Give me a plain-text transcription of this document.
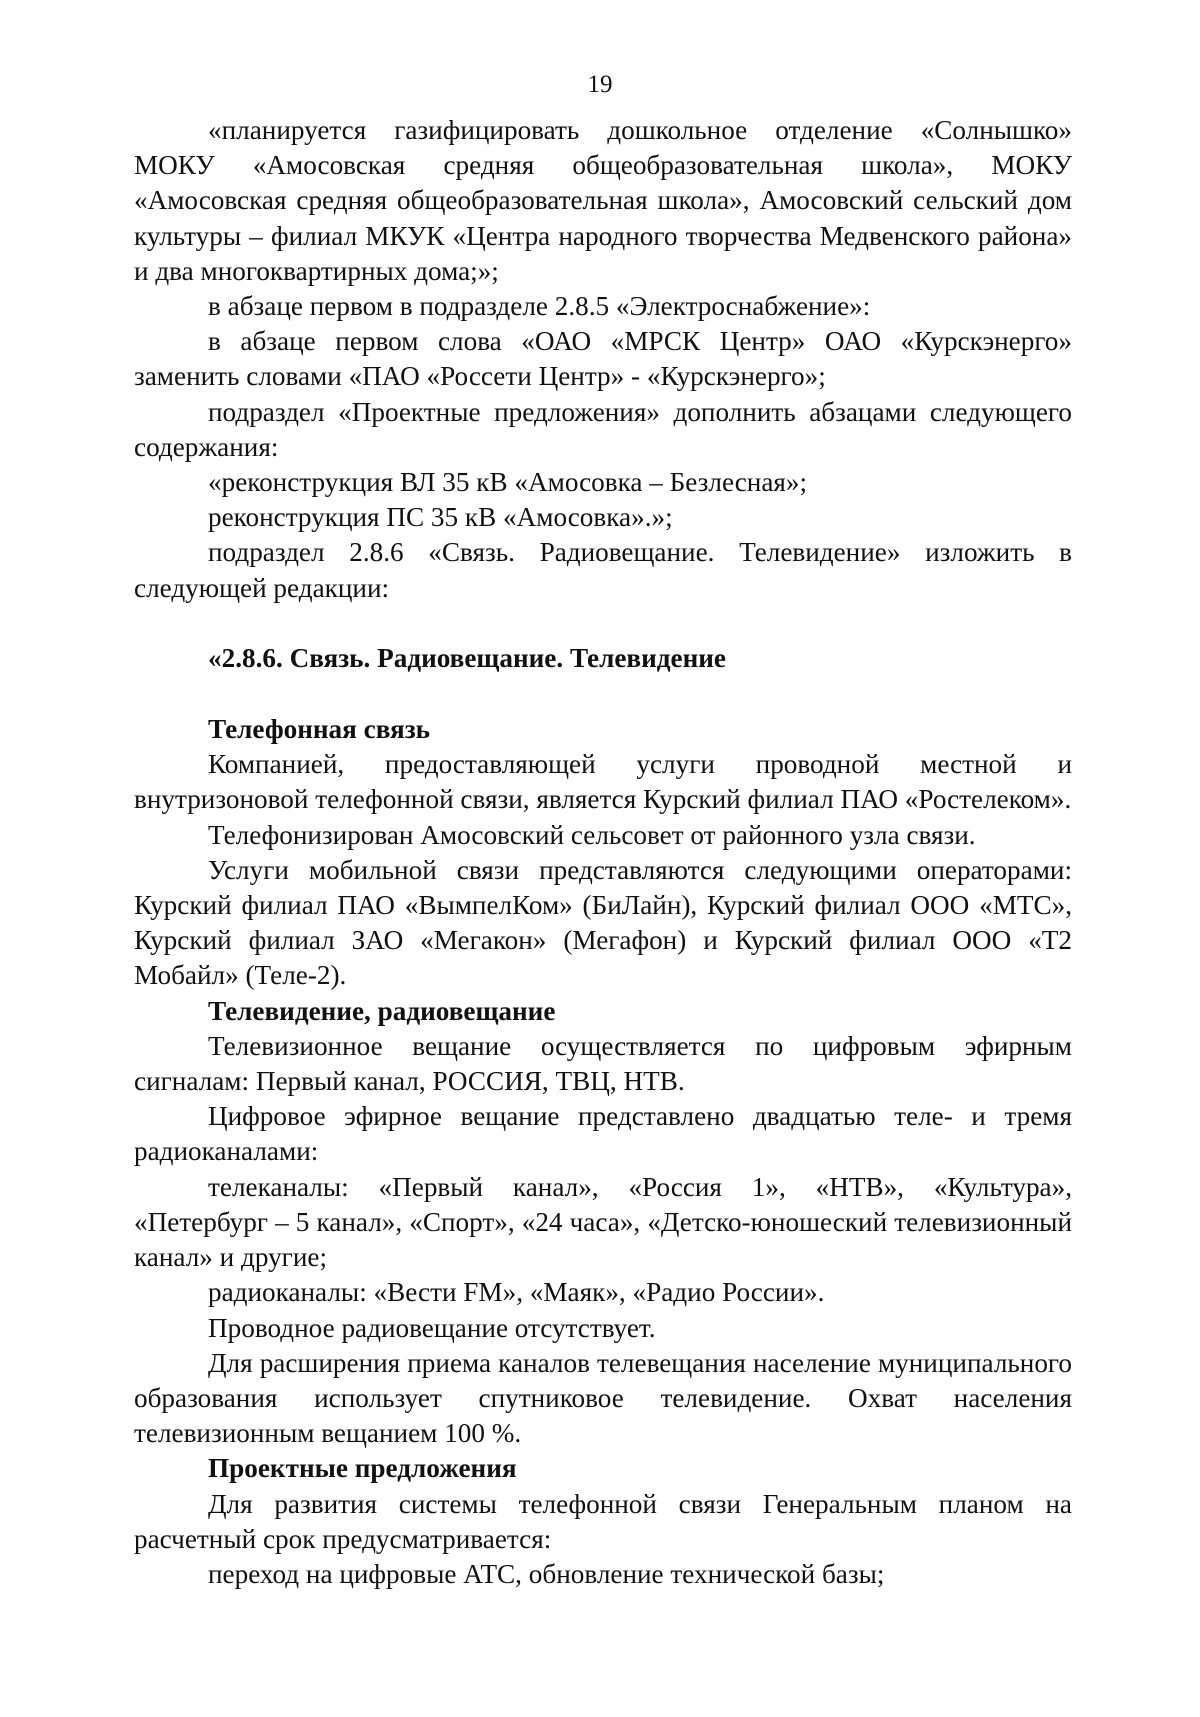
19

«планируется газифицировать дошкольное отделение «Солнышко» МОКУ «Амосовская средняя общеобразовательная школа», МОКУ «Амосовская средняя общеобразовательная школа», Амосовский сельский дом культуры – филиал МКУК «Центра народного творчества Медвенского района» и два многоквартирных дома;»;

в абзаце первом в подразделе 2.8.5 «Электроснабжение»:

в абзаце первом слова «ОАО «МРСК Центр» ОАО «Курскэнерго» заменить словами «ПАО «Россети Центр» - «Курскэнерго»;

подраздел «Проектные предложения» дополнить абзацами следующего содержания:

«реконструкция ВЛ 35 кВ «Амосовка – Безлесная»;

реконструкция ПС 35 кВ «Амосовка».»;

подраздел 2.8.6 «Связь. Радиовещание. Телевидение» изложить в следующей редакции:

«2.8.6. Связь. Радиовещание. Телевидение

Телефонная связь

Компанией, предоставляющей услуги проводной местной и внутризоновой телефонной связи, является Курский филиал ПАО «Ростелеком».

Телефонизирован Амосовский сельсовет от районного узла связи.

Услуги мобильной связи представляются следующими операторами: Курский филиал ПАО «ВымпелКом» (БиЛайн), Курский филиал ООО «МТС», Курский филиал ЗАО «Мегакон» (Мегафон) и Курский филиал ООО «Т2 Мобайл» (Теле-2).

Телевидение, радиовещание

Телевизионное вещание осуществляется по цифровым эфирным сигналам: Первый канал, РОССИЯ, ТВЦ, НТВ.

Цифровое эфирное вещание представлено двадцатью теле- и тремя радиоканалами:

телеканалы: «Первый канал», «Россия 1», «НТВ», «Культура», «Петербург – 5 канал», «Спорт», «24 часа», «Детско-юношеский телевизионный канал» и другие;

радиоканалы: «Вести FM», «Маяк», «Радио России».

Проводное радиовещание отсутствует.

Для расширения приема каналов телевещания население муниципального образования использует спутниковое телевидение. Охват населения телевизионным вещанием 100 %.

Проектные предложения

Для развития системы телефонной связи Генеральным планом на расчетный срок предусматривается:

переход на цифровые АТС, обновление технической базы;
